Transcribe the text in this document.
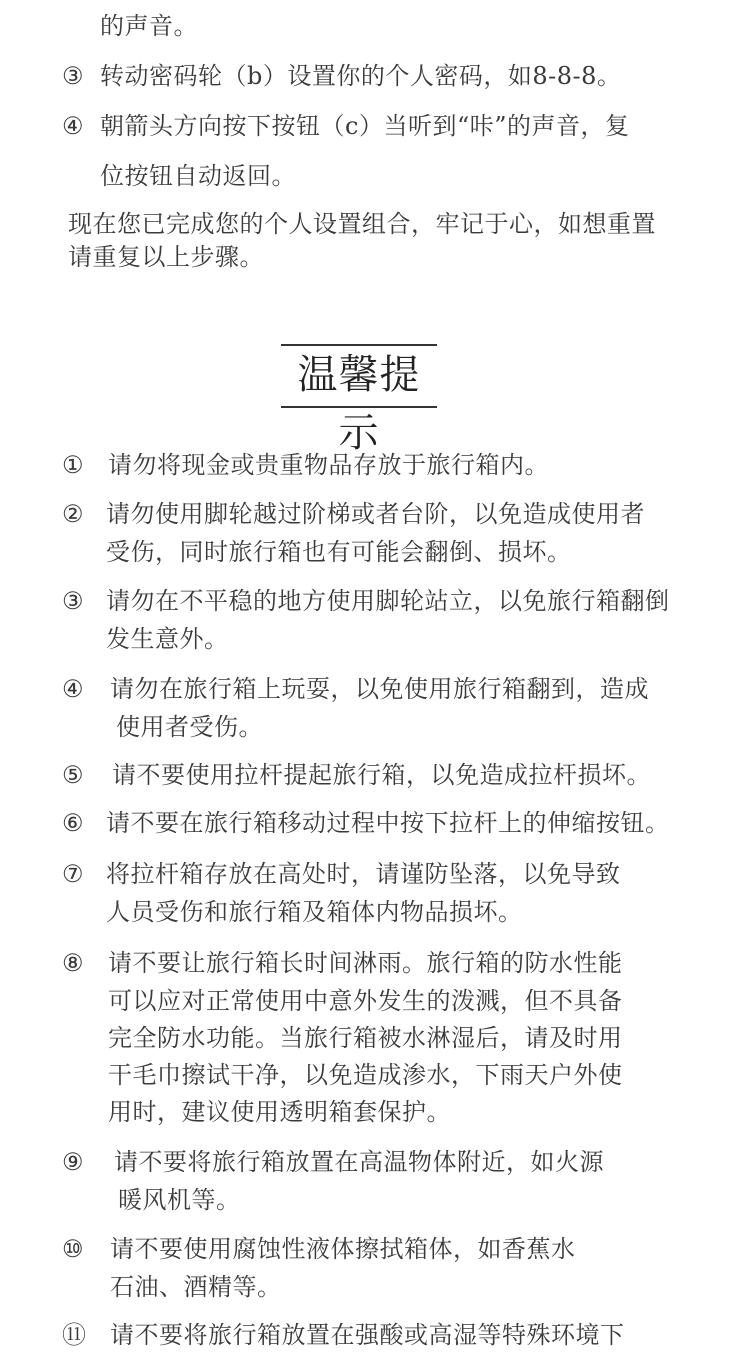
的声音。
③ 转动密码轮（b）设置你的个人密码，如8-8-8。
④ 朝箭头方向按下按钮（c）当听到“咔”的声音，复
位按钮自动返回。
现在您已完成您的个人设置组合，牢记于心，如想重置
请重复以上步骤。
温馨提示
① 请勿将现金或贵重物品存放于旅行箱内。
② 请勿使用脚轮越过阶梯或者台阶，以免造成使用者
受伤，同时旅行箱也有可能会翻倒、损坏。
③ 请勿在不平稳的地方使用脚轮站立，以免旅行箱翻倒
发生意外。
④ 请勿在旅行箱上玩耍，以免使用旅行箱翻到，造成
使用者受伤。
⑤ 请不要使用拉杆提起旅行箱，以免造成拉杆损坏。
⑥ 请不要在旅行箱移动过程中按下拉杆上的伸缩按钮。
⑦ 将拉杆箱存放在高处时，请谨防坠落，以免导致
人员受伤和旅行箱及箱体内物品损坏。
⑧ 请不要让旅行箱长时间淋雨。旅行箱的防水性能
可以应对正常使用中意外发生的泼溅，但不具备
完全防水功能。当旅行箱被水淋湿后，请及时用
干毛巾擦试干净，以免造成渗水，下雨天户外使
用时，建议使用透明箱套保护。
⑨ 请不要将旅行箱放置在高温物体附近，如火源
暖风机等。
⑩ 请不要使用腐蚀性液体擦拭箱体，如香蕉水
石油、酒精等。
⑪ 请不要将旅行箱放置在强酸或高湿等特殊环境下
